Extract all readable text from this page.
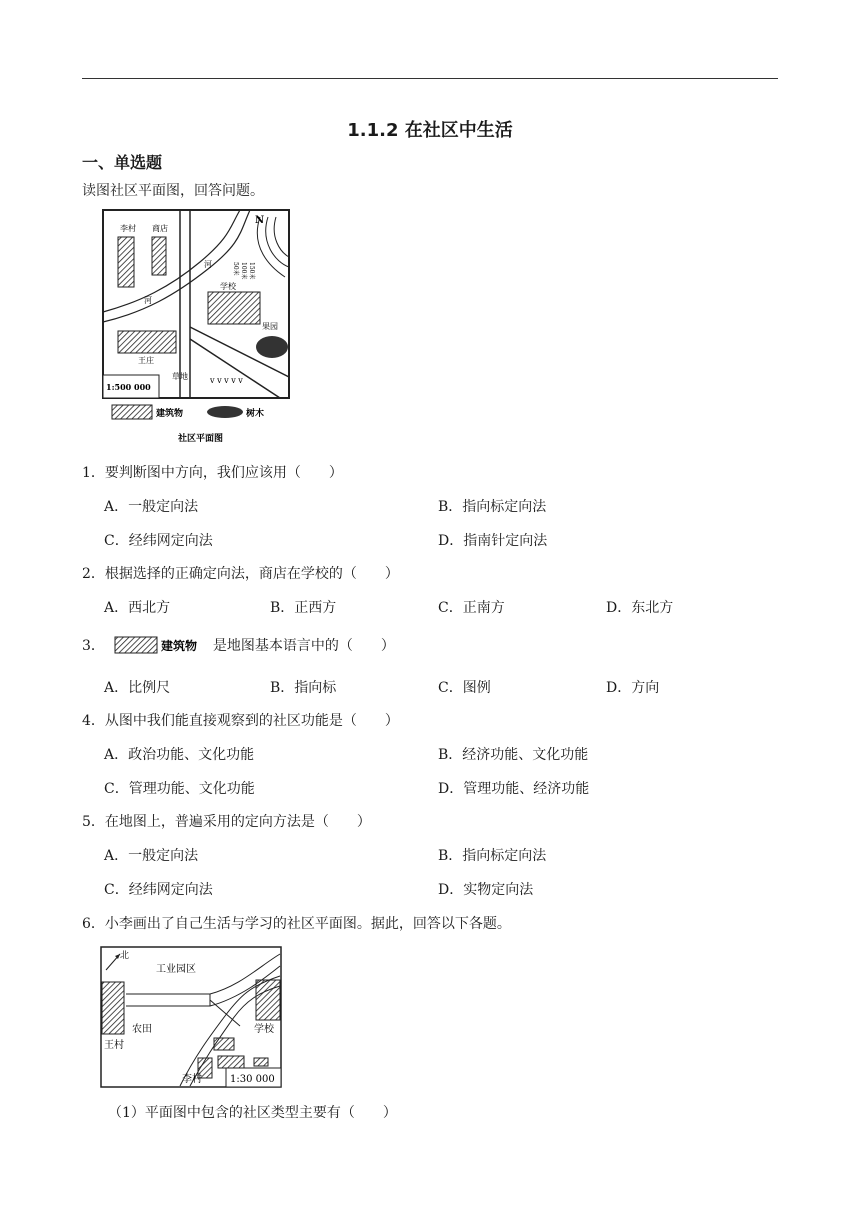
1.1.2 在社区中生活
一、单选题
读图社区平面图，回答问题。
李村 商店
N
150米
100米
50米
河
河
学校
果园
王庄
草地	v v v v v
1:500 000
建筑物	树木
社区平面图
1．要判断图中方向，我们应该用（　　）
A．一般定向法	B．指向标定向法
C．经纬网定向法	D．指南针定向法
2．根据选择的正确定向法，商店在学校的（　　）
A．西北方	B．正西方	C．正南方	D．东北方
3．	建筑物 是地图基本语言中的（　　）
A．比例尺	B．指向标	C．图例	D．方向
4．从图中我们能直接观察到的社区功能是（　　）
A．政治功能、文化功能	B．经济功能、文化功能
C．管理功能、文化功能	D．管理功能、经济功能
5．在地图上，普遍采用的定向方法是（　　）
A．一般定向法	B．指向标定向法
C．经纬网定向法	D．实物定向法
6．小李画出了自己生活与学习的社区平面图。据此，回答以下各题。
北
工业园区
农田
王村
学校
李村	1:30 000
（1）平面图中包含的社区类型主要有（　　）
